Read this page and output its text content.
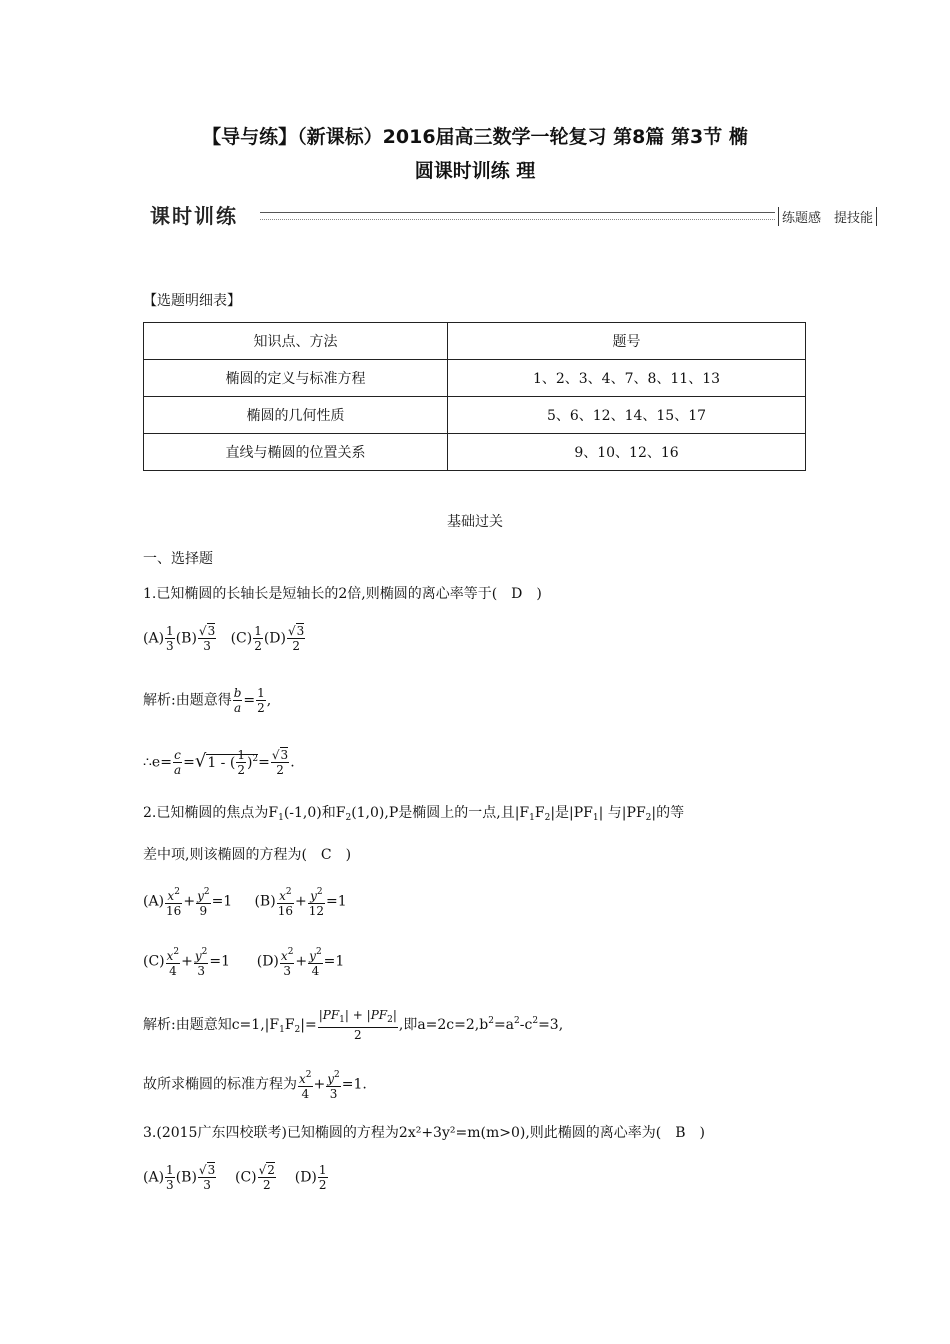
【导与练】（新课标）2016届高三数学一轮复习 第8篇 第3节 椭
圆课时训练 理
课时训练	练题感　提技能
【选题明细表】
知识点、方法	题号
椭圆的定义与标准方程	1、2、3、4、7、8、11、13
椭圆的几何性质	5、6、12、14、15、17
直线与椭圆的位置关系	9、10、12、16
基础过关
一、选择题
1.已知椭圆的长轴长是短轴长的2倍,则椭圆的离心率等于(　D　)
$(A) \frac{1}{3} (B) \frac{√3}{3} (C) \frac{1}{2} (D) \frac{√3}{2}$
解析:由题意得 $\frac{b}{a} = \frac{1}{2}$ ,
∴e= $\frac{c}{a} =√1$ - ( $\frac{1}{2} )^2= \frac{√3}{2}$ .
2.已知椭圆的焦点为$F_1(-1,0)$和$F_2(1,0),P$是椭圆上的一点,且$|F_1F_2|$是$|PF_1|$ 与$|PF_2|$的等
差中项,则该椭圆的方程为(　C　)
$(A) \frac{x^2}{16} + \frac{y^2}{9} =1$     $(B) \frac{x^2}{16} + \frac{y^2}{12} =1$
$(C) \frac{x^2}{4} + \frac{y^2}{3} =1$      $(D) \frac{x^2}{3} + \frac{y^2}{4} =1$
解析:由题意知$c=1,|F_1F_2|= \frac{|PF_1| + |PF_2|}{2}$ ,即$a=2c=2,b^2=a^2-c^2=3$,
故所求椭圆的标准方程为 $\frac{x^2}{4} + \frac{y^2}{3} =1$.
3.(2015广东四校联考)已知椭圆的方程为2x²+3y²=m(m>0),则此椭圆的离心率为(　B　)
$(A) \frac{1}{3} (B) \frac{√3}{3} (C) \frac{√2}{2} (D) \frac{1}{2}$
